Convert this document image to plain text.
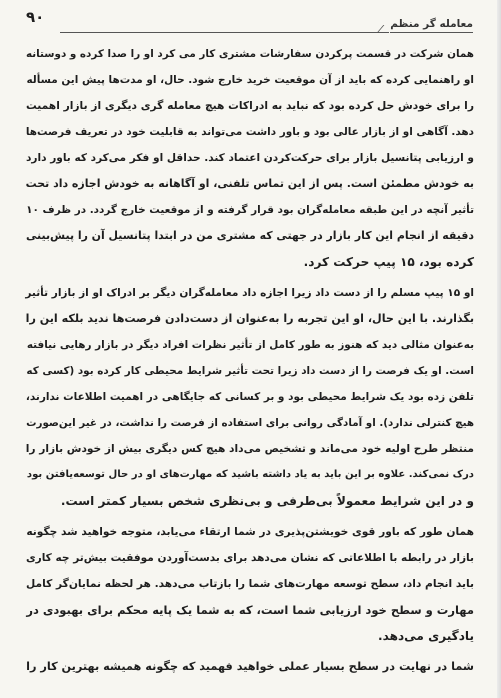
۹۰	معامله گر منظم

همان شرکت در قسمت پرکردن سفارشات مشتری کار می کرد او را صدا کرده و دوستانه
او راهنمایی کرده که باید از آن موقعیت خرید خارج شود. حال، او مدت‌ها پیش این مسأله
را برای خودش حل کرده بود که نباید به ادراکات هیچ معامله گری دیگری از بازار اهمیت
دهد. آگاهی او از بازار عالی بود و باور داشت می‌تواند به قابلیت خود در تعریف فرصت‌ها
و ارزیابی پتانسیل بازار برای حرکت‌کردن اعتماد کند. حداقل او فکر می‌کرد که باور دارد
به خودش مطمئن است. پس از این تماس تلفنی، او آگاهانه به خودش اجازه داد تحت
تأثیر آنچه در این طبقه معامله‌گران بود قرار گرفته و از موقعیت خارج گردد. در ظرف ۱۰
دقیقه از انجام این کار بازار در جهتی که مشتری من در ابتدا پتانسیل آن را پیش‌بینی
کرده بود، ۱۵ پیپ حرکت کرد.

او ۱۵ پیپ مسلم را از دست داد زیرا اجازه داد معامله‌گران دیگر بر ادراک او از بازار تأثیر
بگذارند. با این حال، او این تجربه را به‌عنوان از دست‌دادن فرصت‌ها ندید بلکه این را
به‌عنوان مثالی دید که هنوز به طور کامل از تأثیر نظرات افراد دیگر در بازار رهایی نیافته
است. او یک فرصت را از دست داد زیرا تحت تأثیر شرایط محیطی کار کرده بود (کسی که
تلفن زده بود یک شرایط محیطی بود و بر کسانی که جایگاهی در اهمیت اطلاعات ندارند،
هیچ کنترلی ندارد). او آمادگی روانی برای استفاده از فرصت را نداشت، در غیر این‌صورت
منتظر طرح اولیه خود می‌ماند و تشخیص می‌داد هیچ کس دیگری بیش از خودش بازار را
درک نمی‌کند. علاوه بر این باید به یاد داشته باشید که مهارت‌های او در حال توسعه‌یافتن بود
و در این شرایط معمولاً بی‌طرفی و بی‌نظری شخص بسیار کمتر است.

همان طور که باور قوی خویشتن‌پذیری در شما ارتقاء می‌یابد، متوجه خواهید شد چگونه
بازار در رابطه با اطلاعاتی که نشان می‌دهد برای بدست‌آوردن موفقیت بیش‌تر چه کاری
باید انجام داد، سطح توسعه مهارت‌های شما را بازتاب می‌دهد. هر لحظه نمایان‌گر کامل
مهارت و سطح خود ارزیابی شما است، که به شما یک پایه محکم برای بهبودی در
یادگیری می‌دهد.

شما در نهایت در سطح بسیار عملی خواهید فهمید که چگونه همیشه بهترین کار را
